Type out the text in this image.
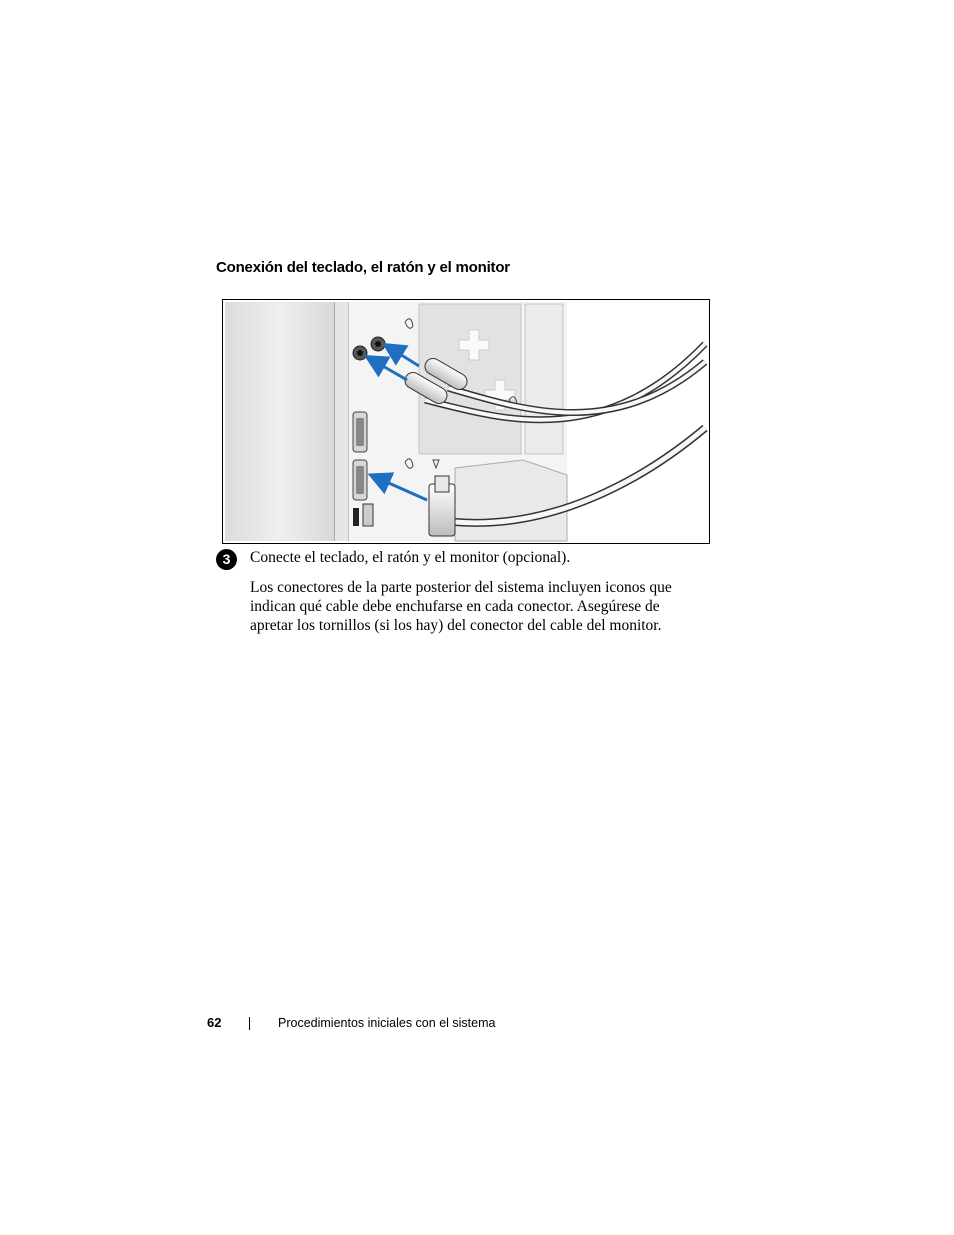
Conexión del teclado, el ratón y el monitor
3	Conecte el teclado, el ratón y el monitor (opcional).
Los conectores de la parte posterior del sistema incluyen iconos que indican qué cable debe enchufarse en cada conector. Asegúrese de apretar los tornillos (si los hay) del conector del cable del monitor.
62	Procedimientos iniciales con el sistema
